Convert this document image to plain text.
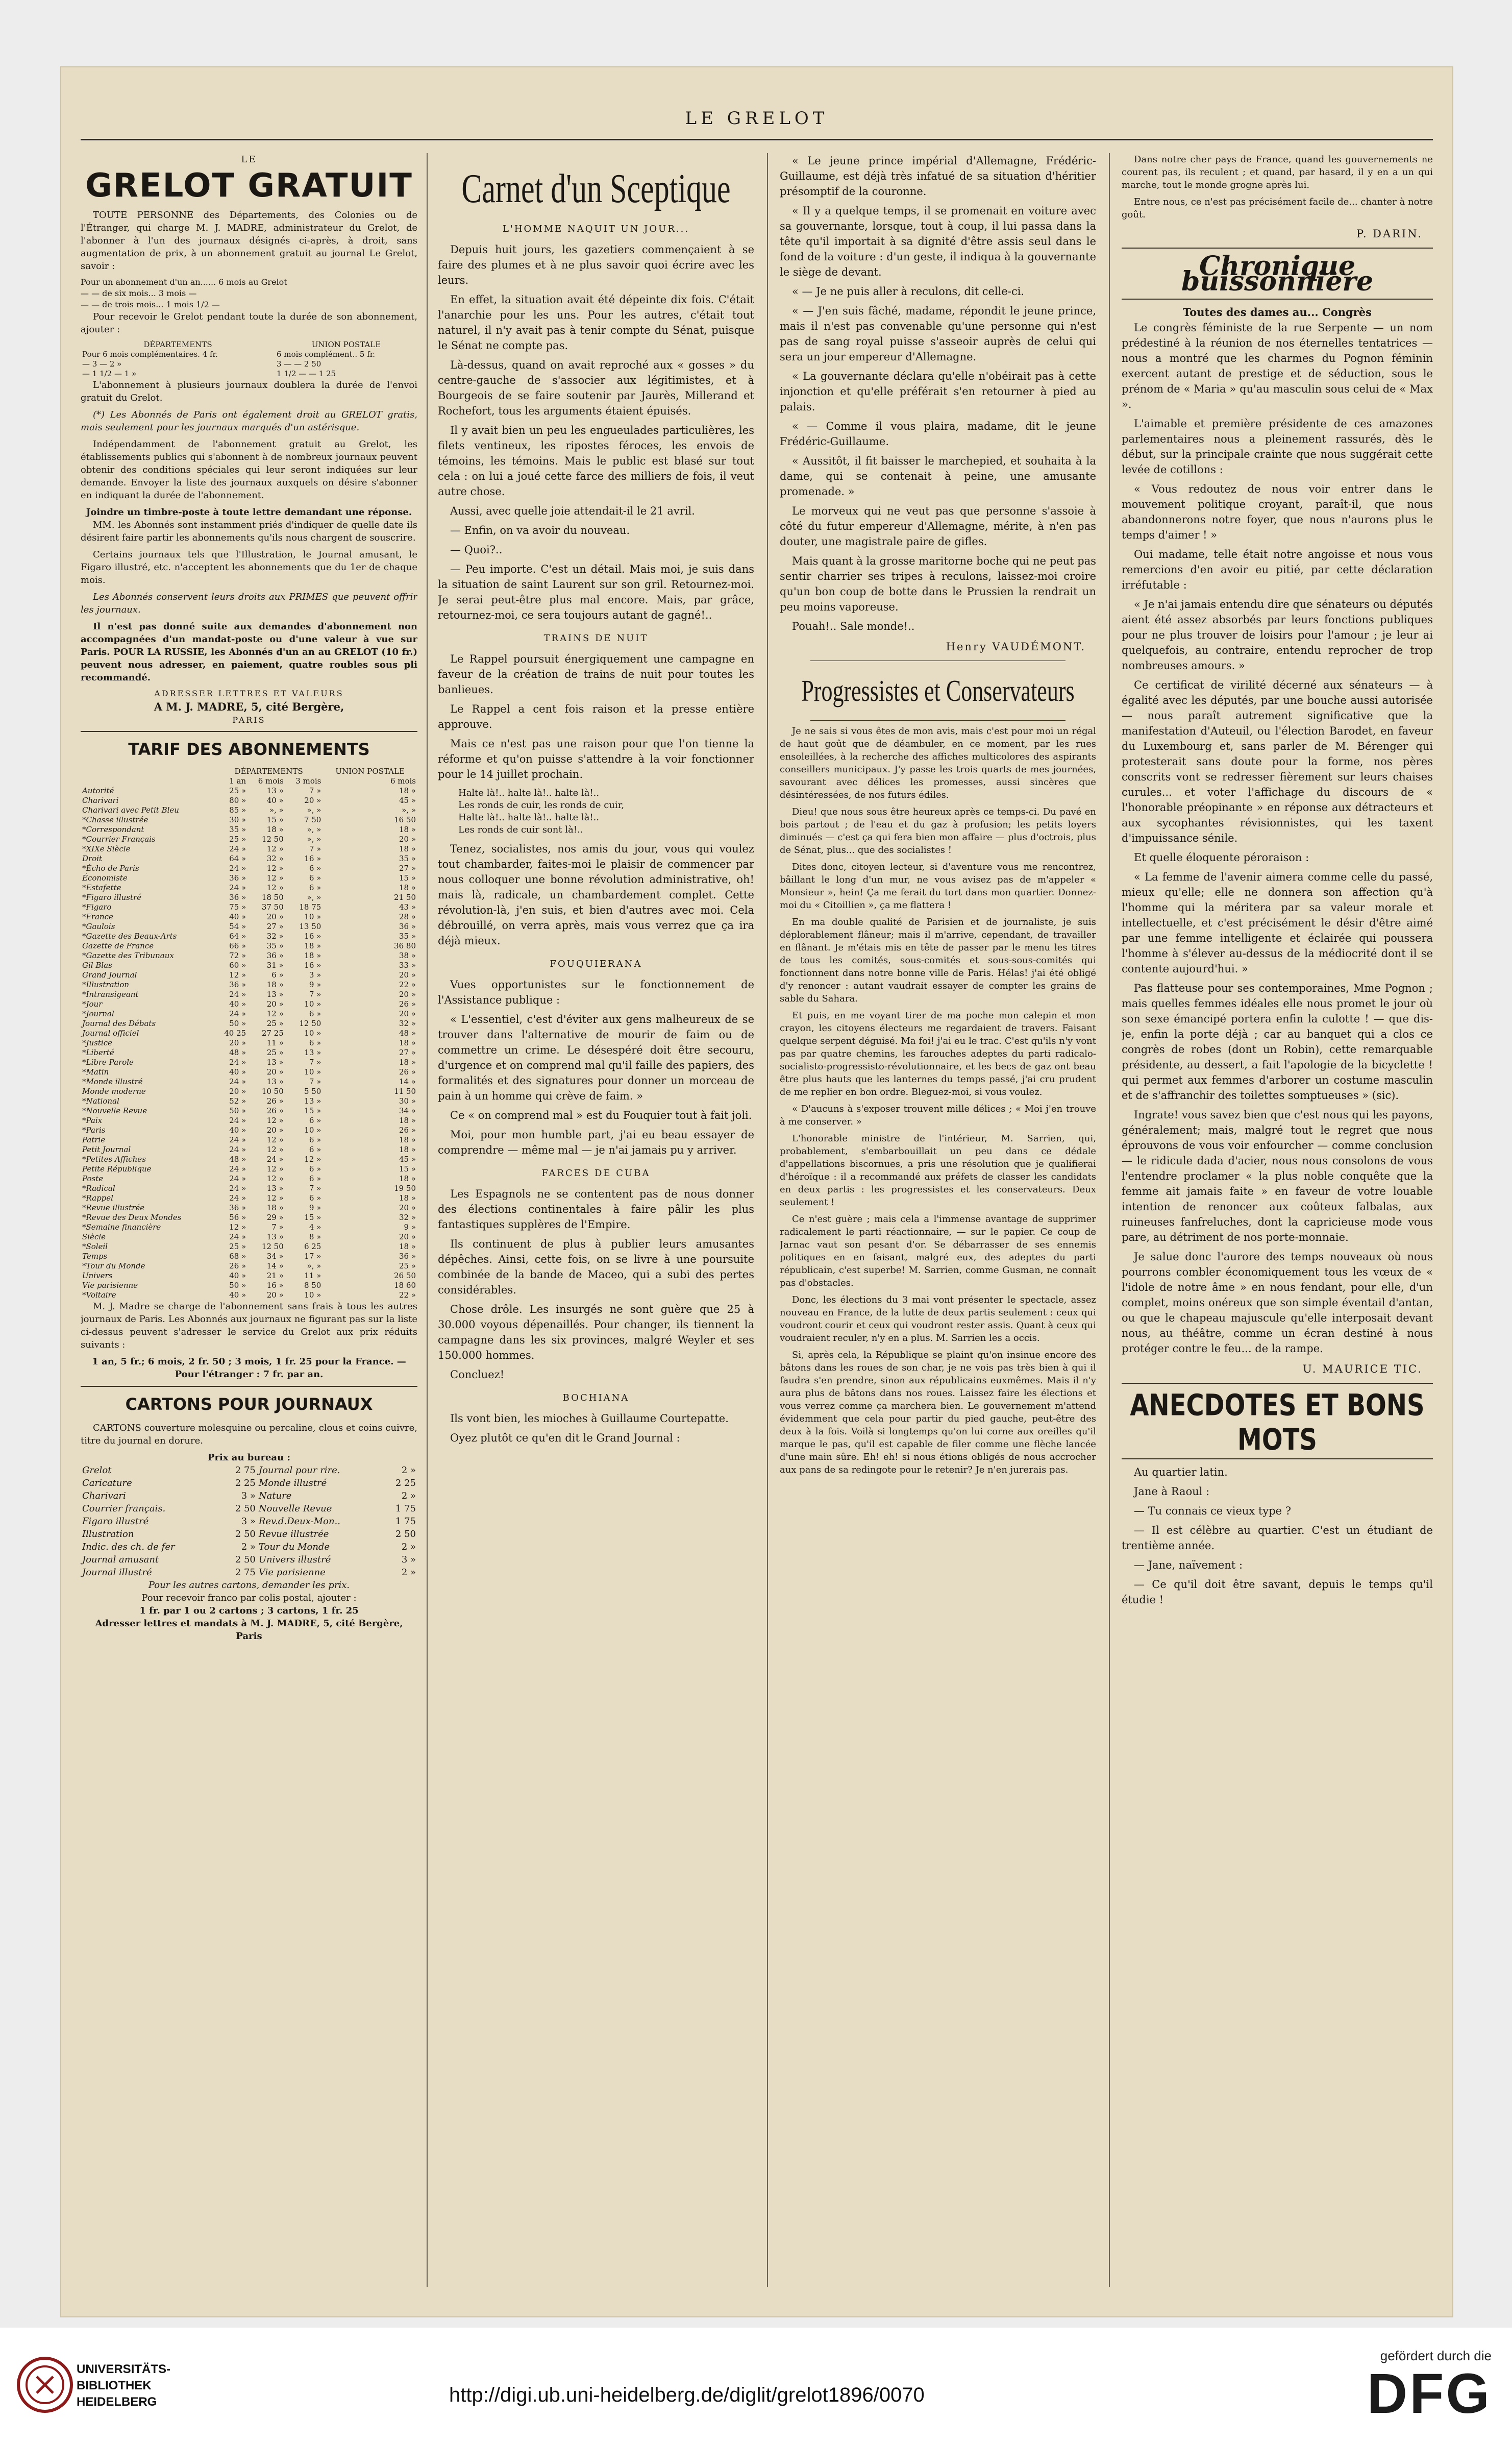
LE GRELOT
LE
GRELOT GRATUIT

TOUTE PERSONNE des Départements, des Colonies ou de l'Étranger, qui charge M. J. MADRE, administrateur du Grelot, de l'abonner à l'un des journaux désignés ci-après, à droit, sans augmentation de prix, à un abonnement gratuit au journal Le Grelot, savoir :

Pour un abonnement d'un an...... 6 mois au Grelot
— — de six mois... 3 mois —
— — de trois mois... 1 mois 1/2 —

Pour recevoir le Grelot pendant toute la durée de son abonnement, ajouter :

DÉPARTEMENTS	UNION POSTALE
Pour 6 mois complémentaires. 4 fr.	6 mois complément.. 5 fr.
— 3 — 2 »	3 — — 2 50
— 1 1/2 — 1 »	1 1/2 — — 1 25

L'abonnement à plusieurs journaux doublera la durée de l'envoi gratuit du Grelot.

(*) Les Abonnés de Paris ont également droit au GRELOT gratis, mais seulement pour les journaux marqués d'un astérisque.

Indépendamment de l'abonnement gratuit au Grelot, les établissements publics qui s'abonnent à de nombreux journaux peuvent obtenir des conditions spéciales qui leur seront indiquées sur leur demande. Envoyer la liste des journaux auxquels on désire s'abonner en indiquant la durée de l'abonnement.

Joindre un timbre-poste à toute lettre demandant une réponse.

MM. les Abonnés sont instamment priés d'indiquer de quelle date ils désirent faire partir les abonnements qu'ils nous chargent de souscrire.

Certains journaux tels que l'Illustration, le Journal amusant, le Figaro illustré, etc. n'acceptent les abonnements que du 1er de chaque mois.

Les Abonnés conservent leurs droits aux PRIMES que peuvent offrir les journaux.

Il n'est pas donné suite aux demandes d'abonnement non accompagnées d'un mandat-poste ou d'une valeur à vue sur Paris. POUR LA RUSSIE, les Abonnés d'un an au GRELOT (10 fr.) peuvent nous adresser, en paiement, quatre roubles sous pli recommandé.

ADRESSER LETTRES ET VALEURS
A M. J. MADRE, 5, cité Bergère,
PARIS
TARIF DES ABONNEMENTS
	DÉPARTEMENTS			UNION POSTALE
	1 an	6 mois	3 mois	6 mois
Autorité	25 »	13 »	7 »	18 »
Charivari	80 »	40 »	20 »	45 »
Charivari avec Petit Bleu	85 »	», »	», »	», »
*Chasse illustrée	30 »	15 »	7 50	16 50
*Correspondant	35 »	18 »	», »	18 »
*Courrier Français	25 »	12 50	», »	20 »
*XIXe Siècle	24 »	12 »	7 »	18 »
Droit	64 »	32 »	16 »	35 »
*Écho de Paris	24 »	12 »	6 »	27 »
Économiste	36 »	12 »	6 »	15 »
*Estafette	24 »	12 »	6 »	18 »
*Figaro illustré	36 »	18 50	», »	21 50
*Figaro	75 »	37 50	18 75	43 »
*France	40 »	20 »	10 »	28 »
*Gaulois	54 »	27 »	13 50	36 »
*Gazette des Beaux-Arts	64 »	32 »	16 »	35 »
Gazette de France	66 »	35 »	18 »	36 80
*Gazette des Tribunaux	72 »	36 »	18 »	38 »
Gil Blas	60 »	31 »	16 »	33 »
Grand Journal	12 »	6 »	3 »	20 »
*Illustration	36 »	18 »	9 »	22 »
*Intransigeant	24 »	13 »	7 »	20 »
*Jour	40 »	20 »	10 »	26 »
*Journal	24 »	12 »	6 »	20 »
Journal des Débats	50 »	25 »	12 50	32 »
Journal officiel	40 25	27 25	10 »	48 »
*Justice	20 »	11 »	6 »	18 »
*Liberté	48 »	25 »	13 »	27 »
*Libre Parole	24 »	13 »	7 »	18 »
*Matin	40 »	20 »	10 »	26 »
*Monde illustré	24 »	13 »	7 »	14 »
Monde moderne	20 »	10 50	5 50	11 50
*National	52 »	26 »	13 »	30 »
*Nouvelle Revue	50 »	26 »	15 »	34 »
*Paix	24 »	12 »	6 »	18 »
*Paris	40 »	20 »	10 »	26 »
Patrie	24 »	12 »	6 »	18 »
Petit Journal	24 »	12 »	6 »	18 »
*Petites Affiches	48 »	24 »	12 »	45 »
Petite République	24 »	12 »	6 »	15 »
Poste	24 »	12 »	6 »	18 »
*Radical	24 »	13 »	7 »	19 50
*Rappel	24 »	12 »	6 »	18 »
*Revue illustrée	36 »	18 »	9 »	20 »
*Revue des Deux Mondes	56 »	29 »	15 »	32 »
*Semaine financière	12 »	7 »	4 »	9 »
Siècle	24 »	13 »	8 »	20 »
*Soleil	25 »	12 50	6 25	18 »
Temps	68 »	34 »	17 »	36 »
*Tour du Monde	26 »	14 »	», »	25 »
Univers	40 »	21 »	11 »	26 50
Vie parisienne	50 »	16 »	8 50	18 60
*Voltaire	40 »	20 »	10 »	22 »

M. J. Madre se charge de l'abonnement sans frais à tous les autres journaux de Paris. Les Abonnés aux journaux ne figurant pas sur la liste ci-dessus peuvent s'adresser le service du Grelot aux prix réduits suivants :

1 an, 5 fr.; 6 mois, 2 fr. 50 ; 3 mois, 1 fr. 25 pour la France. — Pour l'étranger : 7 fr. par an.
CARTONS POUR JOURNAUX

CARTONS couverture molesquine ou percaline, clous et coins cuivre, titre du journal en dorure.

Prix au bureau :
Grelot	2 75	Journal pour rire.	2 »
Caricature	2 25	Monde illustré	2 25
Charivari	3 »	Nature	2 »
Courrier français.	2 50	Nouvelle Revue	1 75
Figaro illustré	3 »	Rev.d.Deux-Mon..	1 75
Illustration	2 50	Revue illustrée	2 50
Indic. des ch. de fer	2 »	Tour du Monde	2 »
Journal amusant	2 50	Univers illustré	3 »
Journal illustré	2 75	Vie parisienne	2 »
Pour les autres cartons, demander les prix.
Pour recevoir franco par colis postal, ajouter :
1 fr. par 1 ou 2 cartons ; 3 cartons, 1 fr. 25
Adresser lettres et mandats à M. J. MADRE, 5, cité Bergère, Paris
Carnet d'un Sceptique
L'HOMME NAQUIT UN JOUR...

Depuis huit jours, les gazetiers commençaient à se faire des plumes et à ne plus savoir quoi écrire avec les leurs.

En effet, la situation avait été dépeinte dix fois. C'était l'anarchie pour les uns. Pour les autres, c'était tout naturel, il n'y avait pas à tenir compte du Sénat, puisque le Sénat ne compte pas.

Là-dessus, quand on avait reproché aux « gosses » du centre-gauche de s'associer aux légitimistes, et à Bourgeois de se faire soutenir par Jaurès, Millerand et Rochefort, tous les arguments étaient épuisés.

Il y avait bien un peu les engueulades particulières, les filets ventineux, les ripostes féroces, les envois de témoins, les témoins. Mais le public est blasé sur tout cela : on lui a joué cette farce des milliers de fois, il veut autre chose.

Aussi, avec quelle joie attendait-il le 21 avril.

— Enfin, on va avoir du nouveau.

— Quoi?..

— Peu importe. C'est un détail. Mais moi, je suis dans la situation de saint Laurent sur son gril. Retournez-moi. Je serai peut-être plus mal encore. Mais, par grâce, retournez-moi, ce sera toujours autant de gagné!..

TRAINS DE NUIT

Le Rappel poursuit énergiquement une campagne en faveur de la création de trains de nuit pour toutes les banlieues.

Le Rappel a cent fois raison et la presse entière approuve.

Mais ce n'est pas une raison pour que l'on tienne la réforme et qu'on puisse s'attendre à la voir fonctionner pour le 14 juillet prochain.

Halte là!.. halte là!.. halte là!..
Les ronds de cuir, les ronds de cuir,
Halte là!.. halte là!.. halte là!..
Les ronds de cuir sont là!..

Tenez, socialistes, nos amis du jour, vous qui voulez tout chambarder, faites-moi le plaisir de commencer par nous colloquer une bonne révolution administrative, oh! mais là, radicale, un chambardement complet. Cette révolution-là, j'en suis, et bien d'autres avec moi. Cela débrouillé, on verra après, mais vous verrez que ça ira déjà mieux.

FOUQUIERANA

Vues opportunistes sur le fonctionnement de l'Assistance publique :

« L'essentiel, c'est d'éviter aux gens malheureux de se trouver dans l'alternative de mourir de faim ou de commettre un crime. Le désespéré doit être secouru, d'urgence et on comprend mal qu'il faille des papiers, des formalités et des signatures pour donner un morceau de pain à un homme qui crève de faim. »

Ce « on comprend mal » est du Fouquier tout à fait joli.

Moi, pour mon humble part, j'ai eu beau essayer de comprendre — même mal — je n'ai jamais pu y arriver.

FARCES DE CUBA

Les Espagnols ne se contentent pas de nous donner des élections continentales à faire pâlir les plus fantastiques supplères de l'Empire.

Ils continuent de plus à publier leurs amusantes dépêches. Ainsi, cette fois, on se livre à une poursuite combinée de la bande de Maceo, qui a subi des pertes considérables.

Chose drôle. Les insurgés ne sont guère que 25 à 30.000 voyous dépenaillés. Pour changer, ils tiennent la campagne dans les six provinces, malgré Weyler et ses 150.000 hommes.

Concluez!

BOCHIANA

Ils vont bien, les mioches à Guillaume Courtepatte.

Oyez plutôt ce qu'en dit le Grand Journal :

« Le jeune prince impérial d'Allemagne, Frédéric-Guillaume, est déjà très infatué de sa situation d'héritier présomptif de la couronne.

« Il y a quelque temps, il se promenait en voiture avec sa gouvernante, lorsque, tout à coup, il lui passa dans la tête qu'il importait à sa dignité d'être assis seul dans le fond de la voiture : d'un geste, il indiqua à la gouvernante le siège de devant.

« — Je ne puis aller à reculons, dit celle-ci.

« — J'en suis fâché, madame, répondit le jeune prince, mais il n'est pas convenable qu'une personne qui n'est pas de sang royal puisse s'asseoir auprès de celui qui sera un jour empereur d'Allemagne.

« La gouvernante déclara qu'elle n'obéirait pas à cette injonction et qu'elle préférait s'en retourner à pied au palais.

« — Comme il vous plaira, madame, dit le jeune Frédéric-Guillaume.

« Aussitôt, il fit baisser le marchepied, et souhaita à la dame, qui se contenait à peine, une amusante promenade. »

Le morveux qui ne veut pas que personne s'assoie à côté du futur empereur d'Allemagne, mérite, à n'en pas douter, une magistrale paire de gifles.

Mais quant à la grosse maritorne boche qui ne peut pas sentir charrier ses tripes à reculons, laissez-moi croire qu'un bon coup de botte dans le Prussien la rendrait un peu moins vaporeuse.

Pouah!.. Sale monde!..

Henry VAUDÉMONT.
Progressistes et Conservateurs

Je ne sais si vous êtes de mon avis, mais c'est pour moi un régal de haut goût que de déambuler, en ce moment, par les rues ensoleillées, à la recherche des affiches multicolores des aspirants conseillers municipaux. J'y passe les trois quarts de mes journées, savourant avec délices les promesses, aussi sincères que désintéressées, de nos futurs édiles.

Dieu! que nous sous être heureux après ce temps-ci. Du pavé en bois partout ; de l'eau et du gaz à profusion; les petits loyers diminués — c'est ça qui fera bien mon affaire — plus d'octrois, plus de Sénat, plus... que des socialistes !

Dites donc, citoyen lecteur, si d'aventure vous me rencontrez, bâillant le long d'un mur, ne vous avisez pas de m'appeler « Monsieur », hein! Ça me ferait du tort dans mon quartier. Donnez-moi du « Citoillien », ça me flattera !

En ma double qualité de Parisien et de journaliste, je suis déplorablement flâneur; mais il m'arrive, cependant, de travailler en flânant. Je m'étais mis en tête de passer par le menu les titres de tous les comités, sous-comités et sous-sous-comités qui fonctionnent dans notre bonne ville de Paris. Hélas! j'ai été obligé d'y renoncer : autant vaudrait essayer de compter les grains de sable du Sahara.

Et puis, en me voyant tirer de ma poche mon calepin et mon crayon, les citoyens électeurs me regardaient de travers. Faisant quelque serpent déguisé. Ma foi! j'ai eu le trac. C'est qu'ils n'y vont pas par quatre chemins, les farouches adeptes du parti radicalo-socialisto-progressisto-révolutionnaire, et les becs de gaz ont beau être plus hauts que les lanternes du temps passé, j'ai cru prudent de me replier en bon ordre. Bleguez-moi, si vous voulez.

« D'aucuns à s'exposer trouvent mille délices ; « Moi j'en trouve à me conserver. »

L'honorable ministre de l'intérieur, M. Sarrien, qui, probablement, s'embarbouillait un peu dans ce dédale d'appellations biscornues, a pris une résolution que je qualifierai d'héroïque : il a recommandé aux préfets de classer les candidats en deux partis : les progressistes et les conservateurs. Deux seulement !

Ce n'est guère ; mais cela a l'immense avantage de supprimer radicalement le parti réactionnaire, — sur le papier. Ce coup de Jarnac vaut son pesant d'or. Se débarrasser de ses ennemis politiques en en faisant, malgré eux, des adeptes du parti républicain, c'est superbe! M. Sarrien, comme Gusman, ne connaît pas d'obstacles.

Donc, les élections du 3 mai vont présenter le spectacle, assez nouveau en France, de la lutte de deux partis seulement : ceux qui voudront courir et ceux qui voudront rester assis. Quant à ceux qui voudraient reculer, n'y en a plus. M. Sarrien les a occis.

Si, après cela, la République se plaint qu'on insinue encore des bâtons dans les roues de son char, je ne vois pas très bien à qui il faudra s'en prendre, sinon aux républicains euxmêmes. Mais il n'y aura plus de bâtons dans nos roues. Laissez faire les élections et vous verrez comme ça marchera bien. Le gouvernement m'attend évidemment que cela pour partir du pied gauche, peut-être des deux à la fois. Voilà si longtemps qu'on lui corne aux oreilles qu'il marque le pas, qu'il est capable de filer comme une flèche lancée d'une main sûre. Eh! eh! si nous étions obligés de nous accrocher aux pans de sa redingote pour le retenir? Je n'en jurerais pas.

Dans notre cher pays de France, quand les gouvernements ne courent pas, ils reculent ; et quand, par hasard, il y en a un qui marche, tout le monde grogne après lui.

Entre nous, ce n'est pas précisément facile de... chanter à notre goût.

P. DARIN.
Chronique buissonnière
Toutes des dames au... Congrès

Le congrès féministe de la rue Serpente — un nom prédestiné à la réunion de nos éternelles tentatrices — nous a montré que les charmes du Pognon féminin exercent autant de prestige et de séduction, sous le prénom de « Maria » qu'au masculin sous celui de « Max ».

L'aimable et première présidente de ces amazones parlementaires nous a pleinement rassurés, dès le début, sur la principale crainte que nous suggérait cette levée de cotillons :

« Vous redoutez de nous voir entrer dans le mouvement politique croyant, paraît-il, que nous abandonnerons notre foyer, que nous n'aurons plus le temps d'aimer ! »

Oui madame, telle était notre angoisse et nous vous remercions d'en avoir eu pitié, par cette déclaration irréfutable :

« Je n'ai jamais entendu dire que sénateurs ou députés aient été assez absorbés par leurs fonctions publiques pour ne plus trouver de loisirs pour l'amour ; je leur ai quelquefois, au contraire, entendu reprocher de trop nombreuses amours. »

Ce certificat de virilité décerné aux sénateurs — à égalité avec les députés, par une bouche aussi autorisée — nous paraît autrement significative que la manifestation d'Auteuil, ou l'élection Barodet, en faveur du Luxembourg et, sans parler de M. Bérenger qui protesterait sans doute pour la forme, nos pères conscrits vont se redresser fièrement sur leurs chaises curules... et voter l'affichage du discours de « l'honorable préopinante » en réponse aux détracteurs et aux sycophantes révisionnistes, qui les taxent d'impuissance sénile.

Et quelle éloquente péroraison :

« La femme de l'avenir aimera comme celle du passé, mieux qu'elle; elle ne donnera son affection qu'à l'homme qui la méritera par sa valeur morale et intellectuelle, et c'est précisément le désir d'être aimé par une femme intelligente et éclairée qui poussera l'homme à s'élever au-dessus de la médiocrité dont il se contente aujourd'hui. »

Pas flatteuse pour ses contemporaines, Mme Pognon ; mais quelles femmes idéales elle nous promet le jour où son sexe émancipé portera enfin la culotte ! — que dis-je, enfin la porte déjà ; car au banquet qui a clos ce congrès de robes (dont un Robin), cette remarquable présidente, au dessert, a fait l'apologie de la bicyclette ! qui permet aux femmes d'arborer un costume masculin et de s'affranchir des toilettes somptueuses » (sic).

Ingrate! vous savez bien que c'est nous qui les payons, généralement; mais, malgré tout le regret que nous éprouvons de vous voir enfourcher — comme conclusion — le ridicule dada d'acier, nous nous consolons de vous l'entendre proclamer « la plus noble conquête que la femme ait jamais faite » en faveur de votre louable intention de renoncer aux coûteux falbalas, aux ruineuses fanfreluches, dont la capricieuse mode vous pare, au détriment de nos porte-monnaie.

Je salue donc l'aurore des temps nouveaux où nous pourrons combler économiquement tous les vœux de « l'idole de notre âme » en nous fendant, pour elle, d'un complet, moins onéreux que son simple éventail d'antan, ou que le chapeau majuscule qu'elle interposait devant nous, au théâtre, comme un écran destiné à nous protéger contre le feu... de la rampe.

U. MAURICE TIC.
ANECDOTES ET BONS MOTS

Au quartier latin.

Jane à Raoul :

— Tu connais ce vieux type ?

— Il est célèbre au quartier. C'est un étudiant de trentième année.

— Jane, naïvement :

— Ce qu'il doit être savant, depuis le temps qu'il étudie !

UNIVERSITÄTS-
BIBLIOTHEK
HEIDELBERG	http://digi.ub.uni-heidelberg.de/diglit/grelot1896/0070
gefördert durch die
DFG
